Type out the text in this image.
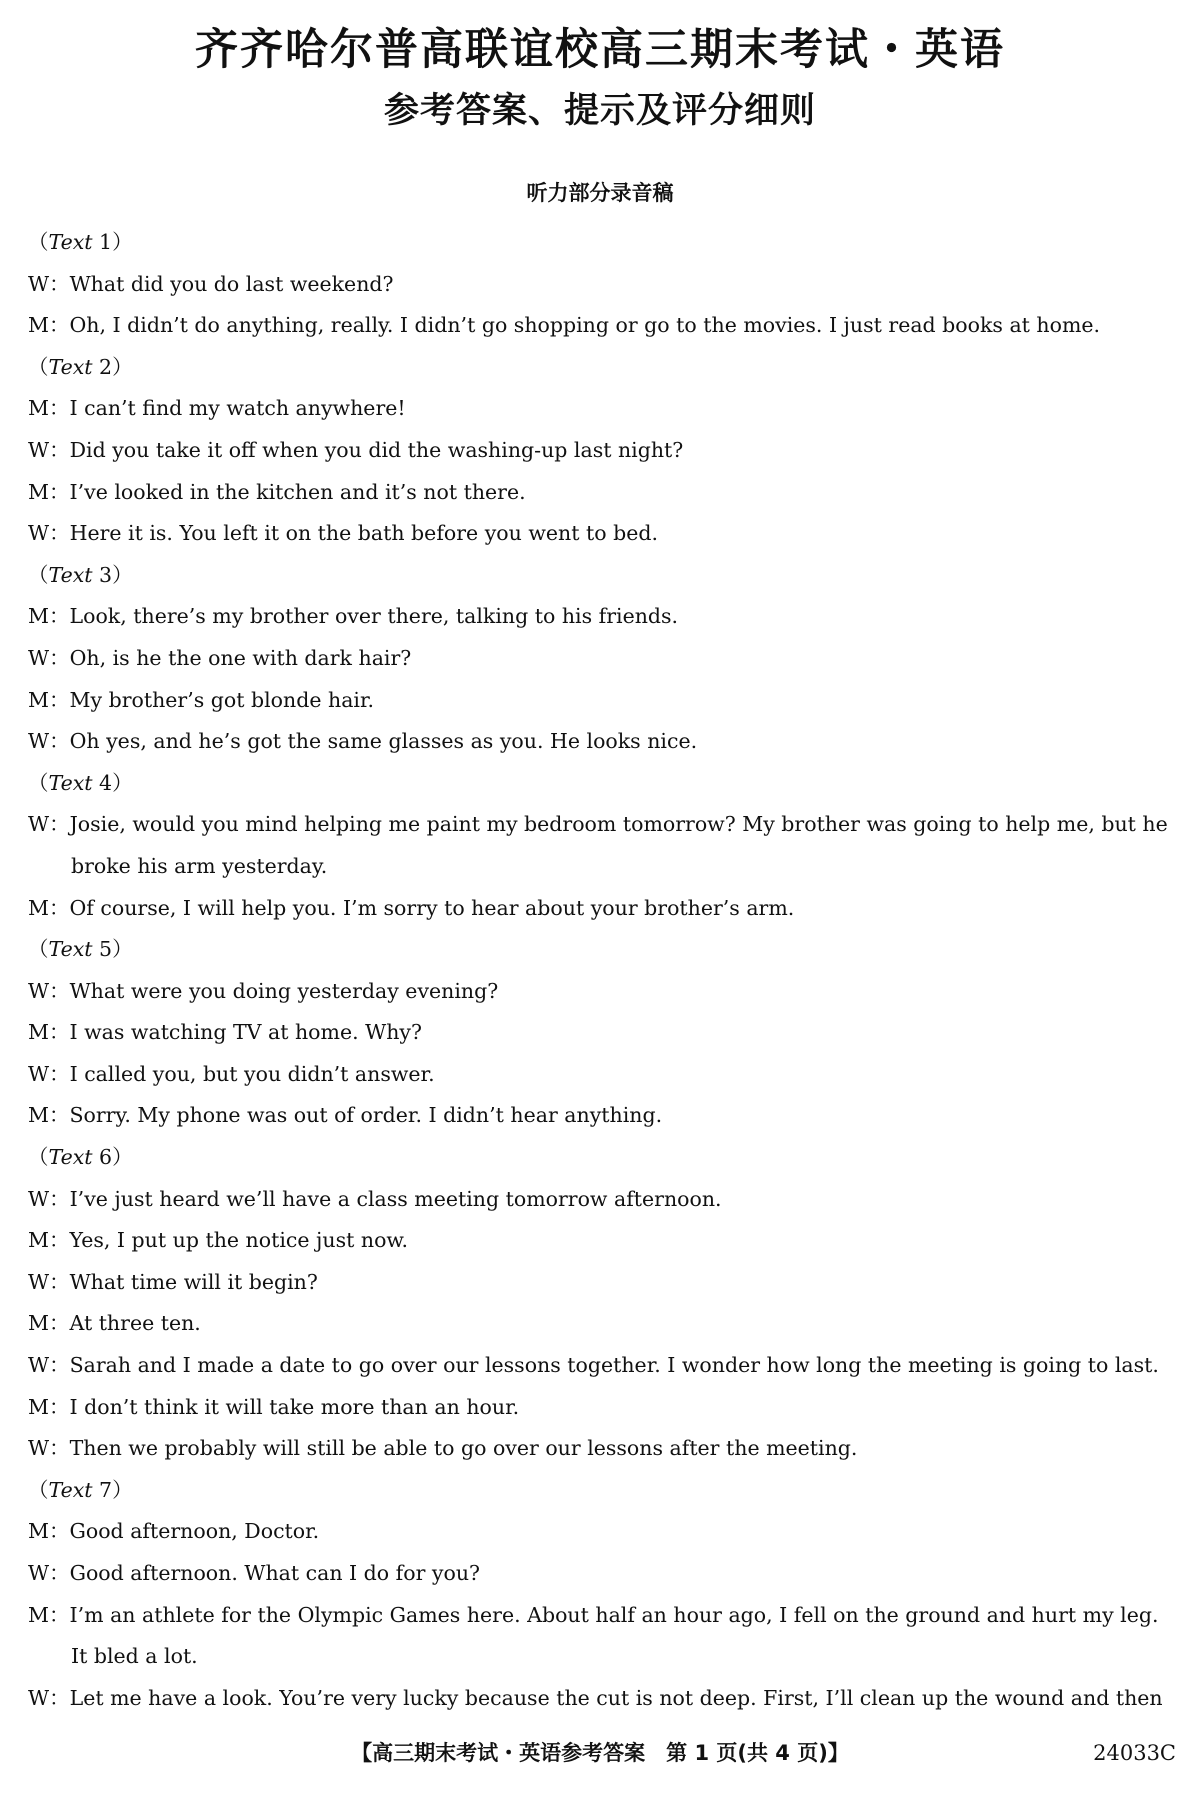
齐齐哈尔普高联谊校高三期末考试・英语
参考答案、提示及评分细则
听力部分录音稿
（Text 1）
W：What did you do last weekend?
M：Oh, I didn’t do anything, really. I didn’t go shopping or go to the movies. I just read books at home.
（Text 2）
M：I can’t find my watch anywhere!
W：Did you take it off when you did the washing-up last night?
M：I’ve looked in the kitchen and it’s not there.
W：Here it is. You left it on the bath before you went to bed.
（Text 3）
M：Look, there’s my brother over there, talking to his friends.
W：Oh, is he the one with dark hair?
M：My brother’s got blonde hair.
W：Oh yes, and he’s got the same glasses as you. He looks nice.
（Text 4）
W：Josie, would you mind helping me paint my bedroom tomorrow? My brother was going to help me, but he broke his arm yesterday.
M：Of course, I will help you. I’m sorry to hear about your brother’s arm.
（Text 5）
W：What were you doing yesterday evening?
M：I was watching TV at home. Why?
W：I called you, but you didn’t answer.
M：Sorry. My phone was out of order. I didn’t hear anything.
（Text 6）
W：I’ve just heard we’ll have a class meeting tomorrow afternoon.
M：Yes, I put up the notice just now.
W：What time will it begin?
M：At three ten.
W：Sarah and I made a date to go over our lessons together. I wonder how long the meeting is going to last.
M：I don’t think it will take more than an hour.
W：Then we probably will still be able to go over our lessons after the meeting.
（Text 7）
M：Good afternoon, Doctor.
W：Good afternoon. What can I do for you?
M：I’m an athlete for the Olympic Games here. About half an hour ago, I fell on the ground and hurt my leg. It bled a lot.
W：Let me have a look. You’re very lucky because the cut is not deep. First, I’ll clean up the wound and then
【高三期末考试・英语参考答案　第 1 页(共 4 页)】	24033C
